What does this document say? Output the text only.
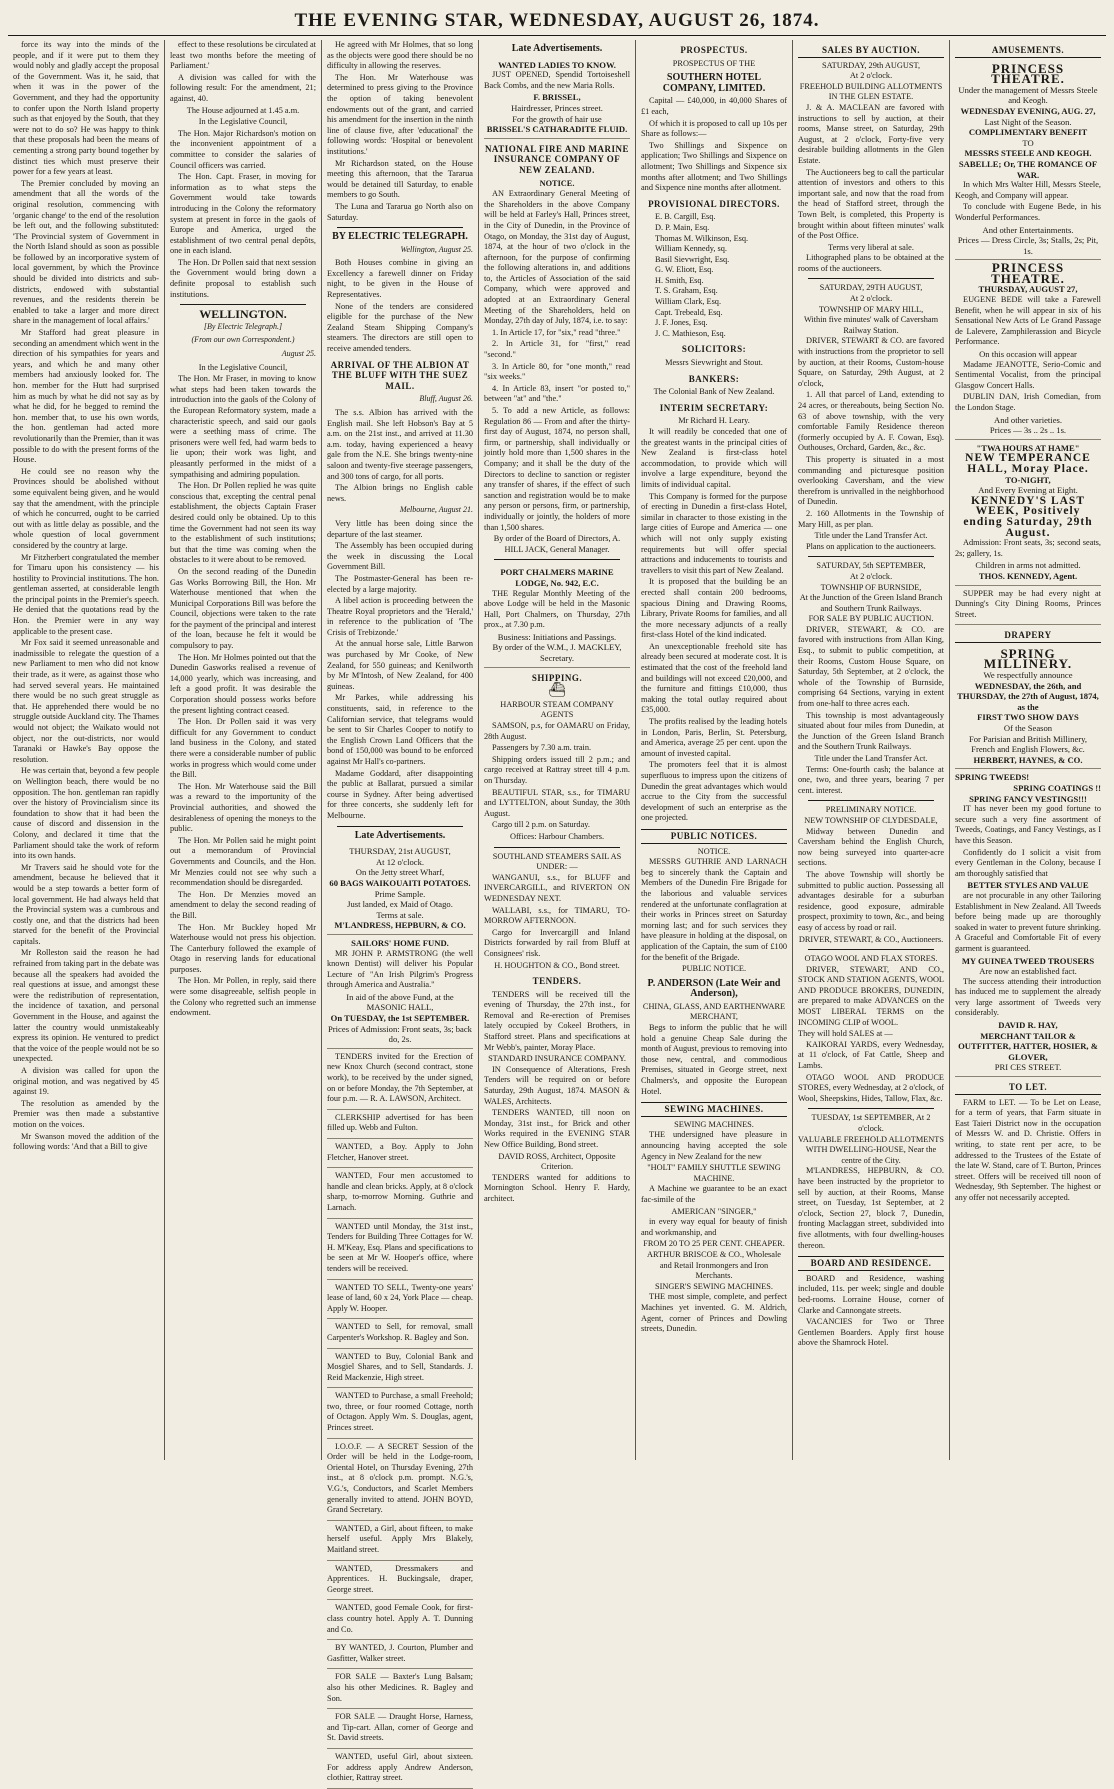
THE EVENING STAR, WEDNESDAY, AUGUST 26, 1874.

force its way into the minds of the people, and if it were put to them they would nobly and gladly accept the proposal of the Government. Was it, he said, that when it was in the power of the Government, and they had the opportunity to confer upon the North Island property such as that enjoyed by the South, that they were not to do so? He was happy to think that these proposals had been the means of cementing a strong party bound together by distinct ties which must preserve their power for a few years at least.

The Premier concluded by moving an amendment that all the words of the original resolution, commencing with 'organic change' to the end of the resolution be left out, and the following substituted: 'The Provincial system of Government in the North Island should as soon as possible be followed by an incorporative system of local government, by which the Province should be divided into districts and sub-districts, endowed with substantial revenues, and the residents therein be enabled to take a larger and more direct share in the management of local affairs.'

Mr Stafford had great pleasure in seconding an amendment which went in the direction of his sympathies for years and years, and which he and many other members had anxiously looked for. The hon. member for the Hutt had surprised him as much by what he did not say as by what he did, for he begged to remind the hon. member that, to use his own words, the hon. gentleman had acted more revolutionarily than the Premier, than it was possible to do with the present forms of the House.

He could see no reason why the Provinces should be abolished without some equivalent being given, and he would say that the amendment, with the principle of which he concurred, ought to be carried out with as little delay as possible, and the whole question of local government considered by the country at large.

Mr Fitzherbert congratulated the member for Timaru upon his consistency — his hostility to Provincial institutions. The hon. gentleman asserted, at considerable length the principal points in the Premier's speech. He denied that the quotations read by the Hon. the Premier were in any way applicable to the present case.

Mr Fox said it seemed unreasonable and inadmissible to relegate the question of a new Parliament to men who did not know their trade, as it were, as against those who had served several years. He maintained there would be no such great struggle as that. He apprehended there would be no struggle outside Auckland city. The Thames would not object; the Waikato would not object, nor the out-districts, nor would Taranaki or Hawke's Bay oppose the resolution.

He was certain that, beyond a few people on Wellington beach, there would be no opposition. The hon. gentleman ran rapidly over the history of Provincialism since its foundation to show that it had been the cause of discord and dissension in the Colony, and declared it time that the Parliament should take the work of reform into its own hands.

Mr Travers said he should vote for the amendment, because he believed that it would be a step towards a better form of local government. He had always held that the Provincial system was a cumbrous and costly one, and that the districts had been starved for the benefit of the Provincial capitals.

Mr Rolleston said the reason he had refrained from taking part in the debate was because all the speakers had avoided the real questions at issue, and amongst these were the redistribution of representation, the incidence of taxation, and personal Government in the House, and against the latter the country would unmistakeably express its opinion. He ventured to predict that the voice of the people would not be so unexpected.

A division was called for upon the original motion, and was negatived by 45 against 19.

The resolution as amended by the Premier was then made a substantive motion on the voices.

Mr Swanson moved the addition of the following words: 'And that a Bill to give

effect to these resolutions be circulated at least two months before the meeting of Parliament.'

A division was called for with the following result: For the amendment, 21; against, 40.

The House adjourned at 1.45 a.m.

In the Legislative Council,

The Hon. Major Richardson's motion on the inconvenient appointment of a committee to consider the salaries of Council officers was carried.

The Hon. Capt. Fraser, in moving for information as to what steps the Government would take towards introducing in the Colony the reformatory system at present in force in the gaols of Europe and America, urged the establishment of two central penal depôts, one in each island.

The Hon. Dr Pollen said that next session the Government would bring down a definite proposal to establish such institutions.

WELLINGTON.
[By Electric Telegraph.]
(From our own Correspondent.)
August 25.

In the Legislative Council,

The Hon. Mr Fraser, in moving to know what steps had been taken towards the introduction into the gaols of the Colony of the European Reformatory system, made a characteristic speech, and said our gaols were a seething mass of crime. The prisoners were well fed, had warm beds to lie upon; their work was light, and pleasantly performed in the midst of a sympathising and admiring population.

The Hon. Dr Pollen replied he was quite conscious that, excepting the central penal establishment, the objects Captain Fraser desired could only be obtained. Up to this time the Government had not seen its way to the establishment of such institutions; but that the time was coming when the obstacles to it were about to be removed.

On the second reading of the Dunedin Gas Works Borrowing Bill, the Hon. Mr Waterhouse mentioned that when the Municipal Corporations Bill was before the Council, objections were taken to the rate for the payment of the principal and interest of the loan, because he felt it would be compulsory to pay.

The Hon. Mr Holmes pointed out that the Dunedin Gasworks realised a revenue of 14,000 yearly, which was increasing, and left a good profit. It was desirable the Corporation should possess works before the present lighting contract ceased.

The Hon. Dr Pollen said it was very difficult for any Government to conduct land business in the Colony, and stated there were a considerable number of public works in progress which would come under the Bill.

The Hon. Mr Waterhouse said the Bill was a reward to the importunity of the Provincial authorities, and showed the desirableness of opening the moneys to the public.

The Hon. Mr Pollen said he might point out a memorandum of Provincial Governments and Councils, and the Hon. Mr Menzies could not see why such a recommendation should be disregarded.

The Hon. Dr Menzies moved an amendment to delay the second reading of the Bill.

The Hon. Mr Buckley hoped Mr Waterhouse would not press his objection. The Canterbury followed the example of Otago in reserving lands for educational purposes.

The Hon. Mr Pollen, in reply, said there were some disagreeable, selfish people in the Colony who regretted such an immense endowment.

He agreed with Mr Holmes, that so long as the objects were good there should be no difficulty in allowing the reserves.

The Hon. Mr Waterhouse was determined to press giving to the Province the option of taking benevolent endowments out of the grant, and carried his amendment for the insertion in the ninth line of clause five, after 'educational' the following words: 'Hospital or benevolent institutions.'

Mr Richardson stated, on the House meeting this afternoon, that the Tararua would be detained till Saturday, to enable members to go South.

The Luna and Tararua go North also on Saturday.

BY ELECTRIC TELEGRAPH.
Wellington, August 25.

Both Houses combine in giving an Excellency a farewell dinner on Friday night, to be given in the House of Representatives.

None of the tenders are considered eligible for the purchase of the New Zealand Steam Shipping Company's steamers. The directors are still open to receive amended tenders.

ARRIVAL OF THE ALBION AT THE BLUFF WITH THE SUEZ MAIL.
Bluff, August 26.

The s.s. Albion has arrived with the English mail. She left Hobson's Bay at 5 a.m. on the 21st inst., and arrived at 11.30 a.m. today, having experienced a heavy gale from the N.E. She brings twenty-nine saloon and twenty-five steerage passengers, and 300 tons of cargo, for all ports.

The Albion brings no English cable news.

Melbourne, August 21.

Very little has been doing since the departure of the last steamer.

The Assembly has been occupied during the week in discussing the Local Government Bill.

The Postmaster-General has been re-elected by a large majority.

A libel action is proceeding between the Theatre Royal proprietors and the 'Herald,' in reference to the publication of 'The Crisis of Trebizonde.'

At the annual horse sale, Little Barwon was purchased by Mr Cooke, of New Zealand, for 550 guineas; and Kenilworth by Mr M'Intosh, of New Zealand, for 400 guineas.

Mr Parkes, while addressing his constituents, said, in reference to the Californian service, that telegrams would be sent to Sir Charles Cooper to notify to the English Crown Land Officers that the bond of 150,000 was bound to be enforced against Mr Hall's co-partners.

Madame Goddard, after disappointing the public at Ballarat, pursued a similar course in Sydney. After being advertised for three concerts, she suddenly left for Melbourne.

Late Advertisements.
THURSDAY, 21st AUGUST,
At 12 o'clock.
On the Jetty street Wharf,
60 BAGS WAIKOUAITI POTATOES.
Prime Sample.
Just landed, ex Maid of Otago.
Terms at sale.
M'LANDRESS, HEPBURN, & CO.
SAILORS' HOME FUND.

MR JOHN P. ARMSTRONG (the well known Dentist) will deliver his Popular Lecture of "An Irish Pilgrim's Progress through America and Australia."

In aid of the above Fund, at the MASONIC HALL,
On TUESDAY, the 1st SEPTEMBER.
Prices of Admission: Front seats, 3s; back do, 2s.

TENDERS invited for the Erection of new Knox Church (second contract, stone work), to be received by the under signed, on or before Monday, the 7th September, at four p.m. — R. A. LAWSON, Architect.

CLERKSHIP advertised for has been filled up. Webb and Fulton.

WANTED, a Boy. Apply to John Fletcher, Hanover street.

WANTED, Four men accustomed to handle and clean bricks. Apply, at 8 o'clock sharp, to-morrow Morning. Guthrie and Larnach.

WANTED until Monday, the 31st inst., Tenders for Building Three Cottages for W. H. M'Keay, Esq. Plans and specifications to be seen at Mr W. Hooper's office, where tenders will be received.

WANTED TO SELL, Twenty-one years' lease of land, 60 x 24, York Place — cheap. Apply W. Hooper.

WANTED to Sell, for removal, small Carpenter's Workshop. R. Bagley and Son.

WANTED to Buy, Colonial Bank and Mosgiel Shares, and to Sell, Standards. J. Reid Mackenzie, High street.

WANTED to Purchase, a small Freehold; two, three, or four roomed Cottage, north of Octagon. Apply Wm. S. Douglas, agent, Princes street.

I.O.O.F. — A SECRET Session of the Order will be held in the Lodge-room, Oriental Hotel, on Thursday Evening, 27th inst., at 8 o'clock p.m. prompt. N.G.'s, V.G.'s, Conductors, and Scarlet Members generally invited to attend. JOHN BOYD, Grand Secretary.

WANTED, a Girl, about fifteen, to make herself useful. Apply Mrs Blakely, Maitland street.

WANTED, Dressmakers and Apprentices. H. Buckingsale, draper, George street.

WANTED, good Female Cook, for first-class country hotel. Apply A. T. Dunning and Co.

BY WANTED, J. Courton, Plumber and Gasfitter, Walker street.

FOR SALE — Baxter's Lung Balsam; also his other Medicines. R. Bagley and Son.

FOR SALE — Draught Horse, Harness, and Tip-cart. Allan, corner of George and St. David streets.

WANTED, useful Girl, about sixteen. For address apply Andrew Anderson, clothier, Rattray street.

Late Advertisements.
WANTED LADIES TO KNOW.

JUST OPENED, Spendid Tortoiseshell Back Combs, and the new Maria Rolls.

F. BRISSEL,
Hairdresser, Princes street.
For the growth of hair use
BRISSEL'S CATHARADITE FLUID.
NATIONAL FIRE AND MARINE INSURANCE COMPANY OF NEW ZEALAND.
NOTICE.

AN Extraordinary General Meeting of the Shareholders in the above Company will be held at Farley's Hall, Princes street, in the City of Dunedin, in the Province of Otago, on Monday, the 31st day of August, 1874, at the hour of two o'clock in the afternoon, for the purpose of confirming the following alterations in, and additions to, the Articles of Association of the said Company, which were approved and adopted at an Extraordinary General Meeting of the Shareholders, held on Monday, 27th day of July, 1874, i.e. to say:

1. In Article 17, for "six," read "three."

2. In Article 31, for "first," read "second."

3. In Article 80, for "one month," read "six weeks."

4. In Article 83, insert "or posted to," between "at" and "the."

5. To add a new Article, as follows: Regulation 86 — From and after the thirty-first day of August, 1874, no person shall, firm, or partnership, shall individually or jointly hold more than 1,500 shares in the Company; and it shall be the duty of the Directors to decline to sanction or register any transfer of shares, if the effect of such sanction and registration would be to make any person or persons, firm, or partnership, individually or jointly, the holders of more than 1,500 shares.

By order of the Board of Directors, A. HILL JACK, General Manager.

PORT CHALMERS MARINE LODGE, No. 942, E.C.

THE Regular Monthly Meeting of the above Lodge will be held in the Masonic Hall, Port Chalmers, on Thursday, 27th prox., at 7.30 p.m.

Business: Initiations and Passings.
By order of the W.M., J. MACKLEY, Secretary.
SHIPPING.
⛴
HARBOUR STEAM COMPANY AGENTS

SAMSON, p.s, for OAMARU on Friday, 28th August.

Passengers by 7.30 a.m. train.

Shipping orders issued till 2 p.m.; and cargo received at Rattray street till 4 p.m. on Thursday.

BEAUTIFUL STAR, s.s., for TIMARU and LYTTELTON, about Sunday, the 30th August.

Cargo till 2 p.m. on Saturday.

Offices: Harbour Chambers.
SOUTHLAND STEAMERS SAIL AS UNDER: —

WANGANUI, s.s., for BLUFF and INVERCARGILL, and RIVERTON ON WEDNESDAY NEXT.

WALLABI, s.s., for TIMARU, TO-MORROW AFTERNOON.

Cargo for Invercargill and Inland Districts forwarded by rail from Bluff at Consignees' risk.

H. HOUGHTON & CO., Bond street.
TENDERS.

TENDERS will be received till the evening of Thursday, the 27th inst., for Removal and Re-erection of Premises lately occupied by Cokeel Brothers, in Stafford street. Plans and specifications at Mr Webb's, painter, Moray Place.

STANDARD INSURANCE COMPANY.

IN Consequence of Alterations, Fresh Tenders will be required on or before Saturday, 29th August, 1874. MASON & WALES, Architects.

TENDERS WANTED, till noon on Monday, 31st inst., for Brick and other Works required in the EVENING STAR New Office Building, Bond street.

DAVID ROSS, Architect, Opposite Criterion.

TENDERS wanted for additions to Mornington School. Henry F. Hardy, architect.

PROSPECTUS.
PROSPECTUS OF THE
SOUTHERN HOTEL COMPANY, LIMITED.

Capital — £40,000, in 40,000 Shares of £1 each,

Of which it is proposed to call up 10s per Share as follows:—

Two Shillings and Sixpence on application; Two Shillings and Sixpence on allotment; Two Shillings and Sixpence six months after allotment; and Two Shillings and Sixpence nine months after allotment.

PROVISIONAL DIRECTORS.
E. B. Cargill, Esq.
D. P. Main, Esq.
Thomas M. Wilkinson, Esq.
William Kennedy, sq.
Basil Sievwright, Esq.
G. W. Eliott, Esq.
H. Smith, Esq.
T. S. Graham, Esq.
William Clark, Esq.
Capt. Trebeald, Esq.
J. F. Jones, Esq.
J. C. Mathieson, Esq.
SOLICITORS:
Messrs Sievwright and Stout.
BANKERS:
The Colonial Bank of New Zealand.
INTERIM SECRETARY:
Mr Richard H. Leary.

It will readily be conceded that one of the greatest wants in the principal cities of New Zealand is first-class hotel accommodation, to provide which will involve a large expenditure, beyond the limits of individual capital.

This Company is formed for the purpose of erecting in Dunedin a first-class Hotel, similar in character to those existing in the large cities of Europe and America — one which will not only supply existing requirements but will offer special attractions and inducements to tourists and travellers to visit this part of New Zealand.

It is proposed that the building be an erected shall contain 200 bedrooms, spacious Dining and Drawing Rooms, Library, Private Rooms for families, and all the more necessary adjuncts of a really first-class Hotel of the kind indicated.

An unexceptionable freehold site has already been secured at moderate cost. It is estimated that the cost of the freehold land and buildings will not exceed £20,000, and the furniture and fittings £10,000, thus making the total outlay required about £35,000.

The profits realised by the leading hotels in London, Paris, Berlin, St. Petersburg, and America, average 25 per cent. upon the amount of invested capital.

The promoters feel that it is almost superfluous to impress upon the citizens of Dunedin the great advantages which would accrue to the City from the successful development of such an enterprise as the one projected.

PUBLIC NOTICES.
NOTICE.

MESSRS GUTHRIE AND LARNACH beg to sincerely thank the Captain and Members of the Dunedin Fire Brigade for the laborious and valuable services rendered at the unfortunate conflagration at their works in Princes street on Saturday morning last; and for such services they have pleasure in holding at the disposal, on application of the Captain, the sum of £100 for the benefit of the Brigade.

PUBLIC NOTICE.
P. ANDERSON (Late Weir and Anderson),
CHINA, GLASS, AND EARTHENWARE MERCHANT,

Begs to inform the public that he will hold a genuine Cheap Sale during the month of August, previous to removing into those new, central, and commodious Premises, situated in George street, next Chalmers's, and opposite the European Hotel.

SEWING MACHINES.
SEWING MACHINES.

THE undersigned have pleasure in announcing having accepted the sole Agency in New Zealand for the new

"HOLT" FAMILY SHUTTLE SEWING MACHINE.

A Machine we guarantee to be an exact fac-simile of the

AMERICAN "SINGER,"

in every way equal for beauty of finish and workmanship, and

FROM 20 TO 25 PER CENT. CHEAPER.
ARTHUR BRISCOE & CO., Wholesale and Retail Ironmongers and Iron Merchants.
SINGER'S SEWING MACHINES.

THE most simple, complete, and perfect Machines yet invented. G. M. Aldrich, Agent, corner of Princes and Dowling streets, Dunedin.

SALES BY AUCTION.
SATURDAY, 29th AUGUST,
At 2 o'clock.
FREEHOLD BUILDING ALLOTMENTS IN THE GLEN ESTATE.

J. & A. MACLEAN are favored with instructions to sell by auction, at their rooms, Manse street, on Saturday, 29th August, at 2 o'clock, Forty-five very desirable building allotments in the Glen Estate.

The Auctioneers beg to call the particular attention of investors and others to this important sale, and now that the road from the head of Stafford street, through the Town Belt, is completed, this Property is brought within about fifteen minutes' walk of the Post Office.

Terms very liberal at sale.

Lithographed plans to be obtained at the rooms of the auctioneers.

SATURDAY, 29TH AUGUST,
At 2 o'clock.
TOWNSHIP OF MARY HILL,
Within five minutes' walk of Caversham Railway Station.

DRIVER, STEWART & CO. are favored with instructions from the proprietor to sell by auction, at their Rooms, Custom-house Square, on Saturday, 29th August, at 2 o'clock,

1. All that parcel of Land, extending to 24 acres, or thereabouts, being Section No. 63 of above township, with the very comfortable Family Residence thereon (formerly occupied by A. F. Cowan, Esq). Outhouses, Orchard, Garden, &c., &c.

This property is situated in a most commanding and picturesque position overlooking Caversham, and the view therefrom is unrivalled in the neighborhood of Dunedin.

2. 160 Allotments in the Township of Mary Hill, as per plan.

Title under the Land Transfer Act.
Plans on application to the auctioneers.
SATURDAY, 5th SEPTEMBER,
At 2 o'clock.
TOWNSHIP OF BURNSIDE,
At the Junction of the Green Island Branch and Southern Trunk Railways.
FOR SALE BY PUBLIC AUCTION.

DRIVER, STEWART, & CO. are favored with instructions from Allan King, Esq., to submit to public competition, at their Rooms, Custom House Square, on Saturday, 5th September, at 2 o'clock, the whole of the Township of Burnside, comprising 64 Sections, varying in extent from one-half to three acres each.

This township is most advantageously situated about four miles from Dunedin, at the Junction of the Green Island Branch and the Southern Trunk Railways.

Title under the Land Transfer Act.

Terms: One-fourth cash; the balance at one, two, and three years, bearing 7 per cent. interest.

PRELIMINARY NOTICE.
NEW TOWNSHIP OF CLYDESDALE,

Midway between Dunedin and Caversham behind the English Church, now being surveyed into quarter-acre sections.

The above Township will shortly be submitted to public auction. Possessing all advantages desirable for a suburban residence, good exposure, admirable prospect, proximity to town, &c., and being easy of access by road or rail.

DRIVER, STEWART, & CO., Auctioneers.
OTAGO WOOL AND FLAX STORES.

DRIVER, STEWART, AND CO., STOCK AND STATION AGENTS, WOOL AND PRODUCE BROKERS, DUNEDIN, are prepared to make ADVANCES on the MOST LIBERAL TERMS on the INCOMING CLIP of WOOL.

They will hold SALES at —

KAIKORAI YARDS, every Wednesday, at 11 o'clock, of Fat Cattle, Sheep and Lambs.

OTAGO WOOL AND PRODUCE STORES, every Wednesday, at 2 o'clock, of Wool, Sheepskins, Hides, Tallow, Flax, &c.

TUESDAY, 1st SEPTEMBER, At 2 o'clock.
VALUABLE FREEHOLD ALLOTMENTS WITH DWELLING-HOUSE, Near the centre of the City.

M'LANDRESS, HEPBURN, & CO. have been instructed by the proprietor to sell by auction, at their Rooms, Manse street, on Tuesday, 1st September, at 2 o'clock, Section 27, block 7, Dunedin, fronting Maclaggan street, subdivided into five allotments, with four dwelling-houses thereon.

BOARD AND RESIDENCE.

BOARD and Residence, washing included, 11s. per week; single and double bed-rooms. Lorraine House, corner of Clarke and Cannongate streets.

VACANCIES for Two or Three Gentlemen Boarders. Apply first house above the Shamrock Hotel.

AMUSEMENTS.
PRINCESS THEATRE.
Under the management of Messrs Steele and Keogh.
WEDNESDAY EVENING, AUG. 27,
Last Night of the Season.
COMPLIMENTARY BENEFIT
TO
MESSRS STEELE AND KEOGH.
SABELLE; Or, THE ROMANCE OF WAR.

In which Mrs Walter Hill, Messrs Steele, Keogh, and Company will appear.

To conclude with Eugene Bede, in his Wonderful Performances.

And other Entertainments.
Prices — Dress Circle, 3s; Stalls, 2s; Pit, 1s.
PRINCESS THEATRE.
THURSDAY, AUGUST 27,

EUGENE BEDE will take a Farewell Benefit, when he will appear in six of his Sensational New Acts of Le Grand Passage de Lalevere, Zamphilerassion and Bicycle Performance.

On this occasion will appear

Madame JEANOTTE, Serio-Comic and Sentimental Vocalist, from the principal Glasgow Concert Halls.

DUBLIN DAN, Irish Comedian, from the London Stage.

And other varieties.
Prices — 3s .. 2s .. 1s.
"TWA HOURS AT HAME"
NEW TEMPERANCE HALL, Moray Place.
TO-NIGHT,
And Every Evening at Eight.
KENNEDY'S LAST WEEK, Positively ending Saturday, 29th August.

Admission: Front seats, 3s; second seats, 2s; gallery, 1s.

Children in arms not admitted.
THOS. KENNEDY, Agent.

SUPPER may be had every night at Dunning's City Dining Rooms, Princes Street.

DRAPERY
SPRING MILLINERY.
We respectfully announce
WEDNESDAY, the 26th, and THURSDAY, the 27th of August, 1874, as the
FIRST TWO SHOW DAYS
Of the Season
For Parisian and British Millinery,
French and English Flowers, &c.
HERBERT, HAYNES, & CO.
SPRING TWEEDS!
SPRING COATINGS !!
SPRING FANCY VESTINGS!!!

IT has never been my good fortune to secure such a very fine assortment of Tweeds, Coatings, and Fancy Vestings, as I have this Season.

Confidently do I solicit a visit from every Gentleman in the Colony, because I am thoroughly satisfied that

BETTER STYLES AND VALUE

are not procurable in any other Tailoring Establishment in New Zealand. All Tweeds before being made up are thoroughly soaked in water to prevent future shrinking. A Graceful and Comfortable Fit of every garment is guaranteed.

MY GUINEA TWEED TROUSERS
Are now an established fact.

The success attending their introduction has induced me to supplement the already very large assortment of Tweeds very considerably.

DAVID R. HAY,
MERCHANT TAILOR & OUTFITTER, HATTER, HOSIER, & GLOVER,
PRI CES STREET.
TO LET.

FARM to LET. — To be Let on Lease, for a term of years, that Farm situate in East Taieri District now in the occupation of Messrs W. and D. Christie. Offers in writing, to state rent per acre, to be addressed to the Trustees of the Estate of the late W. Stand, care of T. Burton, Princes street. Offers will be received till noon of Wednesday, 9th September. The highest or any offer not necessarily accepted.
